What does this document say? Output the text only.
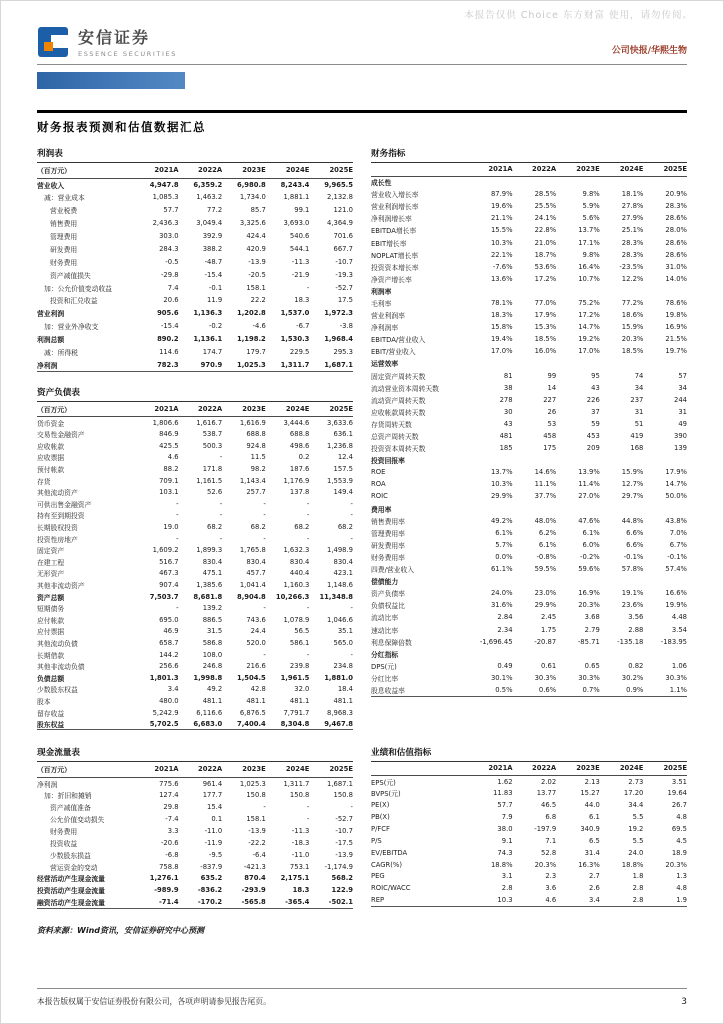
本报告仅供 Choice 东方财富 使用，请勿传阅。
安信证券
ESSENCE SECURITIES	公司快报/华熙生物
财务报表预测和估值数据汇总
利润表
（百万元）	2021A	2022A	2023E	2024E	2025E
营业收入	4,947.8	6,359.2	6,980.8	8,243.4	9,965.5
减：营业成本	1,085.3	1,463.2	1,734.0	1,881.1	2,132.8
营业税费	57.7	77.2	85.7	99.1	121.0
销售费用	2,436.3	3,049.4	3,325.6	3,693.0	4,364.9
管理费用	303.0	392.9	424.4	540.6	701.6
研发费用	284.3	388.2	420.9	544.1	667.7
财务费用	-0.5	-48.7	-13.9	-11.3	-10.7
资产减值损失	-29.8	-15.4	-20.5	-21.9	-19.3
加：公允价值变动收益	7.4	-0.1	158.1	-	-52.7
投资和汇兑收益	20.6	11.9	22.2	18.3	17.5
营业利润	905.6	1,136.3	1,202.8	1,537.0	1,972.3
加：营业外净收支	-15.4	-0.2	-4.6	-6.7	-3.8
利润总额	890.2	1,136.1	1,198.2	1,530.3	1,968.4
减：所得税	114.6	174.7	179.7	229.5	295.3
净利润	782.3	970.9	1,025.3	1,311.7	1,687.1
资产负债表
（百万元）	2021A	2022A	2023E	2024E	2025E
货币资金	1,806.6	1,616.7	1,616.9	3,444.6	3,633.6
交易性金融资产	846.9	538.7	688.8	688.8	636.1
应收帐款	425.5	500.3	924.8	498.6	1,236.8
应收票据	4.6	-	11.5	0.2	12.4
预付帐款	88.2	171.8	98.2	187.6	157.5
存货	709.1	1,161.5	1,143.4	1,176.9	1,553.9
其他流动资产	103.1	52.6	257.7	137.8	149.4
可供出售金融资产	-	-	-	-	-
持有至到期投资	-	-	-	-	-
长期股权投资	19.0	68.2	68.2	68.2	68.2
投资性房地产	-	-	-	-	-
固定资产	1,609.2	1,899.3	1,765.8	1,632.3	1,498.9
在建工程	516.7	830.4	830.4	830.4	830.4
无形资产	467.3	475.1	457.7	440.4	423.1
其他非流动资产	907.4	1,385.6	1,041.4	1,160.3	1,148.6
资产总额	7,503.7	8,681.8	8,904.8	10,266.3	11,348.8
短期债务	-	139.2	-	-	-
应付帐款	695.0	886.5	743.6	1,078.9	1,046.6
应付票据	46.9	31.5	24.4	56.5	35.1
其他流动负债	658.7	586.8	520.0	586.1	565.0
长期借款	144.2	108.0	-	-	-
其他非流动负债	256.6	246.8	216.6	239.8	234.8
负债总额	1,801.3	1,998.8	1,504.5	1,961.5	1,881.0
少数股东权益	3.4	49.2	42.8	32.0	18.4
股本	480.0	481.1	481.1	481.1	481.1
留存收益	5,242.9	6,116.6	6,876.5	7,791.7	8,968.3
股东权益	5,702.5	6,683.0	7,400.4	8,304.8	9,467.8
财务指标
	2021A	2022A	2023E	2024E	2025E
成长性					
营业收入增长率	87.9%	28.5%	9.8%	18.1%	20.9%
营业利润增长率	19.6%	25.5%	5.9%	27.8%	28.3%
净利润增长率	21.1%	24.1%	5.6%	27.9%	28.6%
EBITDA增长率	15.5%	22.8%	13.7%	25.1%	28.0%
EBIT增长率	10.3%	21.0%	17.1%	28.3%	28.6%
NOPLAT增长率	22.1%	18.7%	9.8%	28.3%	28.6%
投资资本增长率	-7.6%	53.6%	16.4%	-23.5%	31.0%
净资产增长率	13.6%	17.2%	10.7%	12.2%	14.0%
利润率					
毛利率	78.1%	77.0%	75.2%	77.2%	78.6%
营业利润率	18.3%	17.9%	17.2%	18.6%	19.8%
净利润率	15.8%	15.3%	14.7%	15.9%	16.9%
EBITDA/营业收入	19.4%	18.5%	19.2%	20.3%	21.5%
EBIT/营业收入	17.0%	16.0%	17.0%	18.5%	19.7%
运营效率					
固定资产周转天数	81	99	95	74	57
流动营业资本周转天数	38	14	43	34	34
流动资产周转天数	278	227	226	237	244
应收帐款周转天数	30	26	37	31	31
存货周转天数	43	53	59	51	49
总资产周转天数	481	458	453	419	390
投资资本周转天数	185	175	209	168	139
投资回报率					
ROE	13.7%	14.6%	13.9%	15.9%	17.9%
ROA	10.3%	11.1%	11.4%	12.7%	14.7%
ROIC	29.9%	37.7%	27.0%	29.7%	50.0%
费用率					
销售费用率	49.2%	48.0%	47.6%	44.8%	43.8%
管理费用率	6.1%	6.2%	6.1%	6.6%	7.0%
研发费用率	5.7%	6.1%	6.0%	6.6%	6.7%
财务费用率	0.0%	-0.8%	-0.2%	-0.1%	-0.1%
四费/营业收入	61.1%	59.5%	59.6%	57.8%	57.4%
偿债能力					
资产负债率	24.0%	23.0%	16.9%	19.1%	16.6%
负债权益比	31.6%	29.9%	20.3%	23.6%	19.9%
流动比率	2.84	2.45	3.68	3.56	4.48
速动比率	2.34	1.75	2.79	2.88	3.54
利息保障倍数	-1,696.45	-20.87	-85.71	-135.18	-183.95
分红指标					
DPS(元)	0.49	0.61	0.65	0.82	1.06
分红比率	30.1%	30.3%	30.3%	30.2%	30.3%
股息收益率	0.5%	0.6%	0.7%	0.9%	1.1%
现金流量表
（百万元）	2021A	2022A	2023E	2024E	2025E
净利润	775.6	961.4	1,025.3	1,311.7	1,687.1
加：折旧和摊销	127.4	177.7	150.8	150.8	150.8
资产减值准备	29.8	15.4	-	-	-
公允价值变动损失	-7.4	0.1	158.1	-	-52.7
财务费用	3.3	-11.0	-13.9	-11.3	-10.7
投资收益	-20.6	-11.9	-22.2	-18.3	-17.5
少数股东损益	-6.8	-9.5	-6.4	-11.0	-13.9
营运资金的变动	758.8	-837.9	-421.3	753.1	-1,174.9
经营活动产生现金流量	1,276.1	635.2	870.4	2,175.1	568.2
投资活动产生现金流量	-989.9	-836.2	-293.9	18.3	122.9
融资活动产生现金流量	-71.4	-170.2	-565.8	-365.4	-502.1
业绩和估值指标
	2021A	2022A	2023E	2024E	2025E
EPS(元)	1.62	2.02	2.13	2.73	3.51
BVPS(元)	11.83	13.77	15.27	17.20	19.64
PE(X)	57.7	46.5	44.0	34.4	26.7
PB(X)	7.9	6.8	6.1	5.5	4.8
P/FCF	38.0	-197.9	340.9	19.2	69.5
P/S	9.1	7.1	6.5	5.5	4.5
EV/EBITDA	74.3	52.8	31.4	24.0	18.9
CAGR(%)	18.8%	20.3%	16.3%	18.8%	20.3%
PEG	3.1	2.3	2.7	1.8	1.3
ROIC/WACC	2.8	3.6	2.6	2.8	4.8
REP	10.3	4.6	3.4	2.8	1.9
资料来源：Wind资讯，安信证券研究中心预测
本报告版权属于安信证券股份有限公司，各项声明请参见报告尾页。	3
